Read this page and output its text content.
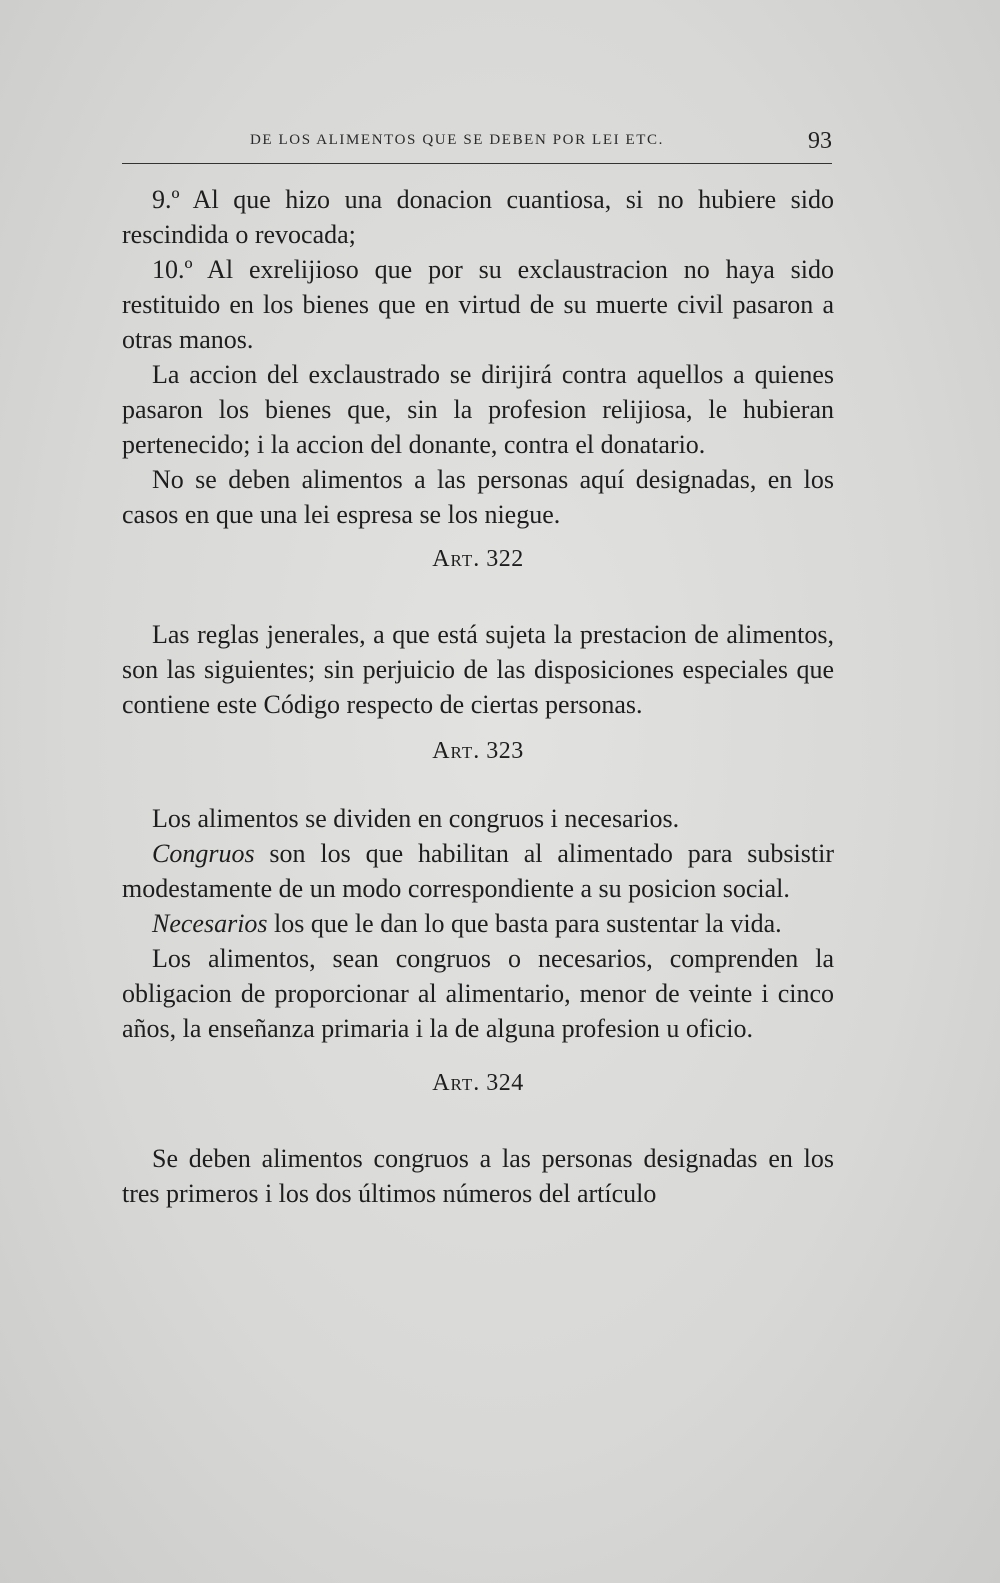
DE LOS ALIMENTOS QUE SE DEBEN POR LEI ETC.	93

9.º Al que hizo una donacion cuantiosa, si no hubiere sido rescindida o revocada;

10.º Al exrelijioso que por su exclaustracion no haya sido restituido en los bienes que en virtud de su muerte civil pasaron a otras manos.

La accion del exclaustrado se dirijirá contra aquellos a quienes pasaron los bienes que, sin la profesion relijiosa, le hubieran pertenecido; i la accion del donante, contra el donatario.

No se deben alimentos a las personas aquí designadas, en los casos en que una lei espresa se los niegue.

Art. 322

Las reglas jenerales, a que está sujeta la prestacion de alimentos, son las siguientes; sin perjuicio de las disposiciones especiales que contiene este Código respecto de ciertas personas.

Art. 323

Los alimentos se dividen en congruos i necesarios.

Congruos son los que habilitan al alimentado para subsistir modestamente de un modo correspondiente a su posicion social.

Necesarios los que le dan lo que basta para sustentar la vida.

Los alimentos, sean congruos o necesarios, comprenden la obligacion de proporcionar al alimentario, menor de veinte i cinco años, la enseñanza primaria i la de alguna profesion u oficio.

Art. 324

Se deben alimentos congruos a las personas designadas en los tres primeros i los dos últimos números del artículo
